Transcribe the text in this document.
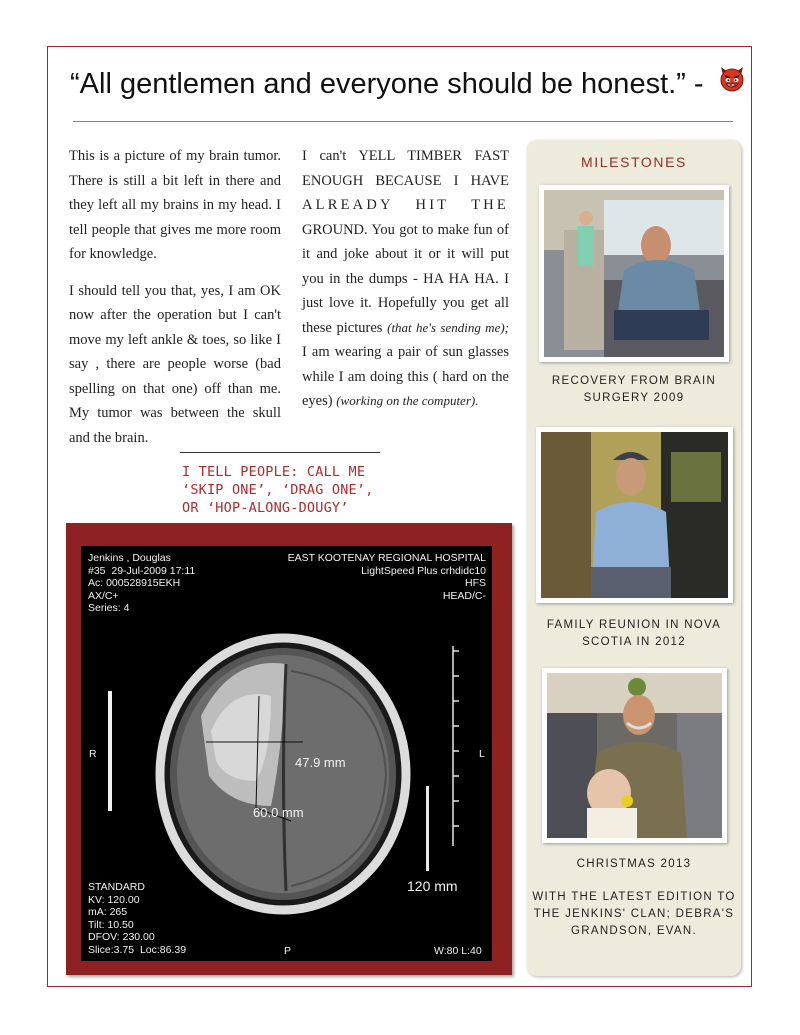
“All gentlemen and everyone should be honest.” -

This is a picture of my brain tumor. There is still a bit left in there and they left all my brains in my head. I tell people that gives me more room for knowledge.

I should tell you that, yes, I am OK now after the operation but I can't move my left ankle & toes, so like I say , there are people worse (bad spelling on that one) off than me. My tumor was between the skull and the brain.

I can't YELL TIMBER FAST ENOUGH BECAUSE I HAVE ALREADY HIT THE GROUND. You got to make fun of it and joke about it or it will put you in the dumps - HA HA HA. I just love it. Hopefully you get all these pictures (that he's sending me); I am wearing a pair of sun glasses while I am doing this ( hard on the eyes) (working on the computer).

I TELL PEOPLE: CALL ME
‘SKIP ONE’, ‘DRAG ONE’,
OR ‘HOP-ALONG-DOUGY’
Jenkins , Douglas
#35  29-Jul-2009 17:11
Ac: 000528915EKH
AX/C+
Series: 4
EAST KOOTENAY REGIONAL HOSPITAL
LightSpeed Plus crhdidc10
HFS
HEAD/C-
STANDARD
KV: 120.00
mA: 265
Tilt: 10.50
DFOV: 230.00
Slice:3.75  Loc:86.39
R	L
P
47.9 mm
60.0 mm
120 mm
W:80 L:40
MILESTONES
RECOVERY FROM BRAIN SURGERY 2009
FAMILY REUNION IN NOVA SCOTIA IN 2012
CHRISTMAS 2013
WITH THE LATEST EDITION TO THE JENKINS' CLAN; DEBRA'S GRANDSON, EVAN.
